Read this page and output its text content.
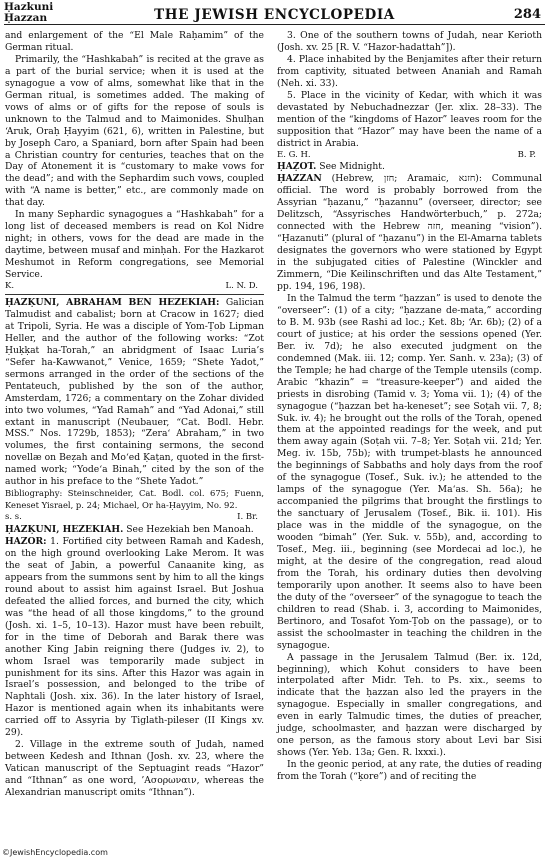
Ḥazkuni
Ḥazzan	THE JEWISH ENCYCLOPEDIA	284

and enlargement of the “El Male Raḥamim” of the German ritual.

Primarily, the “Hashkabah” is recited at the grave as a part of the burial service; when it is used at the synagogue a vow of alms, somewhat like that in the German ritual, is sometimes added. The making of vows of alms or of gifts for the repose of souls is unknown to the Talmud and to Maimonides. Shulḥan ‘Aruk, Oraḥ Ḥayyim (621, 6), written in Palestine, but by Joseph Caro, a Spaniard, born after Spain had been a Christian country for centuries, teaches that on the Day of Atonement it is “customary to make vows for the dead”; and with the Sephardim such vows, coupled with “A name is better,” etc., are commonly made on that day.

In many Sephardic synagogues a “Hashkabah” for a long list of deceased members is read on Kol Nidre night; in others, vows for the dead are made in the daytime, between musaf and minḥah. For the Hazkarot Meshumot in Reform congregations, see Memorial Service.

K.	L. N. D.

ḤAZḲUNI, ABRAHAM BEN HEZEKIAH: Galician Talmudist and cabalist; born at Cracow in 1627; died at Tripoli, Syria. He was a disciple of Yom-Ṭob Lipman Heller, and the author of the following works: “Zot Ḥuḳḳat ha-Torah,” an abridgment of Isaac Luria’s “Sefer ha-Kawwanot,” Venice, 1659; “Shete Yadot,” sermons arranged in the order of the sections of the Pentateuch, published by the son of the author, Amsterdam, 1726; a commentary on the Zohar divided into two volumes, “Yad Ramah” and “Yad Adonai,” still extant in manuscript (Neubauer, “Cat. Bodl. Hebr. MSS.” Nos. 1729b, 1853); “Zera‘ Abraham,” in two volumes, the first containing sermons, the second novellæ on Beẓah and Mo‘ed Ḳaṭan, quoted in the first-named work; “Yode‘a Binah,” cited by the son of the author in his preface to the “Shete Yadot.”

Bibliography: Steinschneider, Cat. Bodl. col. 675; Fuenn, Keneset Yisrael, p. 24; Michael, Or ha-Ḥayyim, No. 92.

s. s.	I. Br.

ḤAZḲUNI, HEZEKIAH. See Hezekiah ben Manoah.

HAZOR: 1. Fortified city between Ramah and Kadesh, on the high ground overlooking Lake Merom. It was the seat of Jabin, a powerful Canaanite king, as appears from the summons sent by him to all the kings round about to assist him against Israel. But Joshua defeated the allied forces, and burned the city, which was “the head of all those kingdoms,” to the ground (Josh. xi. 1–5, 10–13). Hazor must have been rebuilt, for in the time of Deborah and Barak there was another King Jabin reigning there (Judges iv. 2), to whom Israel was temporarily made subject in punishment for its sins. After this Hazor was again in Israel’s possession, and belonged to the tribe of Naphtali (Josh. xix. 36). In the later history of Israel, Hazor is mentioned again when its inhabitants were carried off to Assyria by Tiglath-pileser (II Kings xv. 29).

2. Village in the extreme south of Judah, named between Kedesh and Ithnan (Josh. xv. 23, where the Vatican manuscript of the Septuagint reads “Hazor” and “Ithnan” as one word, ’Ασορωναιν, whereas the Alexandrian manuscript omits “Ithnan”).

3. One of the southern towns of Judah, near Kerioth (Josh. xv. 25 [R. V. “Hazor-hadattah”]).

4. Place inhabited by the Benjamites after their return from captivity, situated between Ananiah and Ramah (Neh. xi. 33).

5. Place in the vicinity of Kedar, with which it was devastated by Nebuchadnezzar (Jer. xlix. 28–33). The mention of the “kingdoms of Hazor” leaves room for the supposition that “Hazor” may have been the name of a district in Arabia.

E. G. H.	B. P.

ḤAẒOT. See Midnight.

ḤAZZAN (Hebrew, חזן; Aramaic, חזנא): Communal official. The word is probably borrowed from the Assyrian “ḥazanu,” “ḥazannu” (overseer, director; see Delitzsch, “Assyrisches Handwörterbuch,” p. 272a; connected with the Hebrew חזה, meaning “vision”). “Ḥazanuti” (plural of “ḥazanu”) in the El-Amarna tablets designates the governors who were stationed by Egypt in the subjugated cities of Palestine (Winckler and Zimmern, “Die Keilinschriften und das Alte Testament,” pp. 194, 196, 198).

In the Talmud the term “ḥazzan” is used to denote the “overseer”: (1) of a city; “ḥazzane de-mata,” according to B. M. 93b (see Rashi ad loc.; Ket. 8b; ‘Ar. 6b); (2) of a court of justice; at his order the sessions opened (Yer. Ber. iv. 7d); he also executed judgment on the condemned (Mak. iii. 12; comp. Yer. Sanh. v. 23a); (3) of the Temple; he had charge of the Temple utensils (comp. Arabic “khazin” = “treasure-keeper”) and aided the priests in disrobing (Tamid v. 3; Yoma vii. 1); (4) of the synagogue (“ḥazzan bet ha-keneset”; see Soṭah vii. 7, 8; Suk. iv. 4); he brought out the rolls of the Torah, opened them at the appointed readings for the week, and put them away again (Soṭah vii. 7–8; Yer. Soṭah vii. 21d; Yer. Meg. iv. 15b, 75b); with trumpet-blasts he announced the beginnings of Sabbaths and holy days from the roof of the synagogue (Tosef., Suk. iv.); he attended to the lamps of the synagogue (Yer. Ma‘as. Sh. 56a); he accompanied the pilgrims that brought the firstlings to the sanctuary of Jerusalem (Tosef., Bik. ii. 101). His place was in the middle of the synagogue, on the wooden “bimah” (Yer. Suk. v. 55b), and, according to Tosef., Meg. iii., beginning (see Mordecai ad loc.), he might, at the desire of the congregation, read aloud from the Torah, his ordinary duties then devolving temporarily upon another. It seems also to have been the duty of the “overseer” of the synagogue to teach the children to read (Shab. i. 3, according to Maimonides, Bertinoro, and Tosafot Yom-Ṭob on the passage), or to assist the schoolmaster in teaching the children in the synagogue.

A passage in the Jerusalem Talmud (Ber. ix. 12d, beginning), which Kohut considers to have been interpolated after Midr. Teh. to Ps. xix., seems to indicate that the ḥazzan also led the prayers in the synagogue. Especially in smaller congregations, and even in early Talmudic times, the duties of preacher, judge, schoolmaster, and ḥazzan were discharged by one person, as the famous story about Levi bar Sisi shows (Yer. Yeb. 13a; Gen. R. lxxxi.).

In the geonic period, at any rate, the duties of reading from the Torah (“ḳore”) and of reciting the

©JewishEncyclopedia.com
